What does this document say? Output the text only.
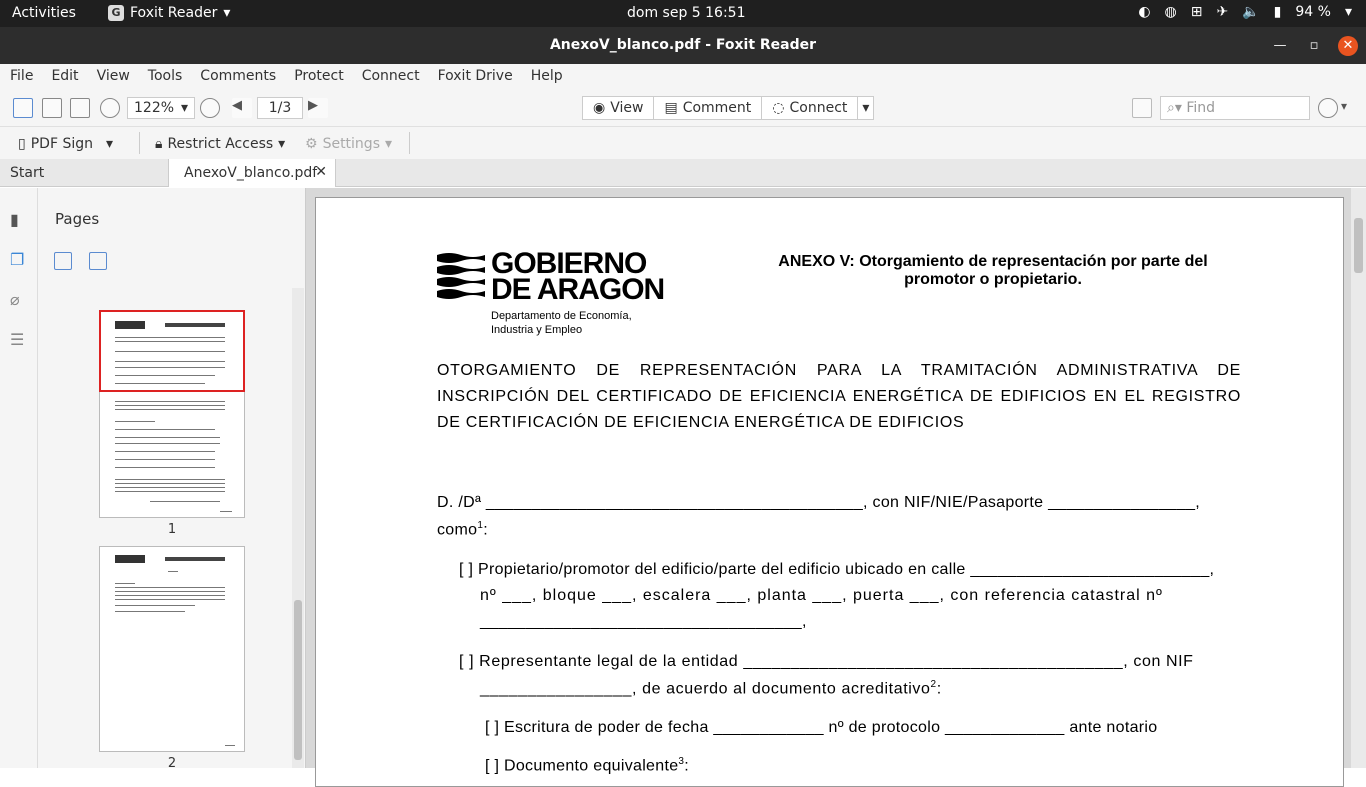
Activities	G Foxit Reader ▾	dom sep 5 16:51	◐ ◍ ⊞ ✈ 🔈 ▮ 94 % ▾
AnexoV_blanco.pdf - Foxit Reader	—	▫	✕
File	Edit	View	Tools	Comments	Protect	Connect	Foxit Drive	Help
122% ▾	◀	1/3	▶	◉ View ▤ Comment ◌ Connect ▾	⌕▾ Find	▾
▯ PDF Sign ▾	🔒︎ Restrict Access ▾ ⚙ Settings ▾
Start	AnexoV_blanco.pdf
✕
▮
❐
⌀
☰
Pages
1
2
GOBIERNO
DE ARAGON
Departamento de Economía,
Industria y Empleo
ANEXO V: Otorgamiento de representación por parte del
promotor o propietario.
OTORGAMIENTO DE REPRESENTACIÓN PARA LA TRAMITACIÓN ADMINISTRATIVA DE INSCRIPCIÓN DEL CERTIFICADO DE EFICIENCIA ENERGÉTICA DE EDIFICIOS EN EL REGISTRO DE CERTIFICACIÓN DE EFICIENCIA ENERGÉTICA DE EDIFICIOS
D. /Dª _________________________________________, con NIF/NIE/Pasaporte ________________,
como$^1$:
[ ] Propietario/promotor del edificio/parte del edificio ubicado en calle __________________________,
nº ___, bloque ___, escalera ___, planta ___, puerta ___, con referencia catastral nº
___________________________________,
[ ] Representante legal de la entidad ________________________________________, con NIF
________________, de acuerdo al documento acreditativo$^2$:
[ ] Escritura de poder de fecha ____________ nº de protocolo _____________ ante notario
[ ] Documento equivalente$^3$:
